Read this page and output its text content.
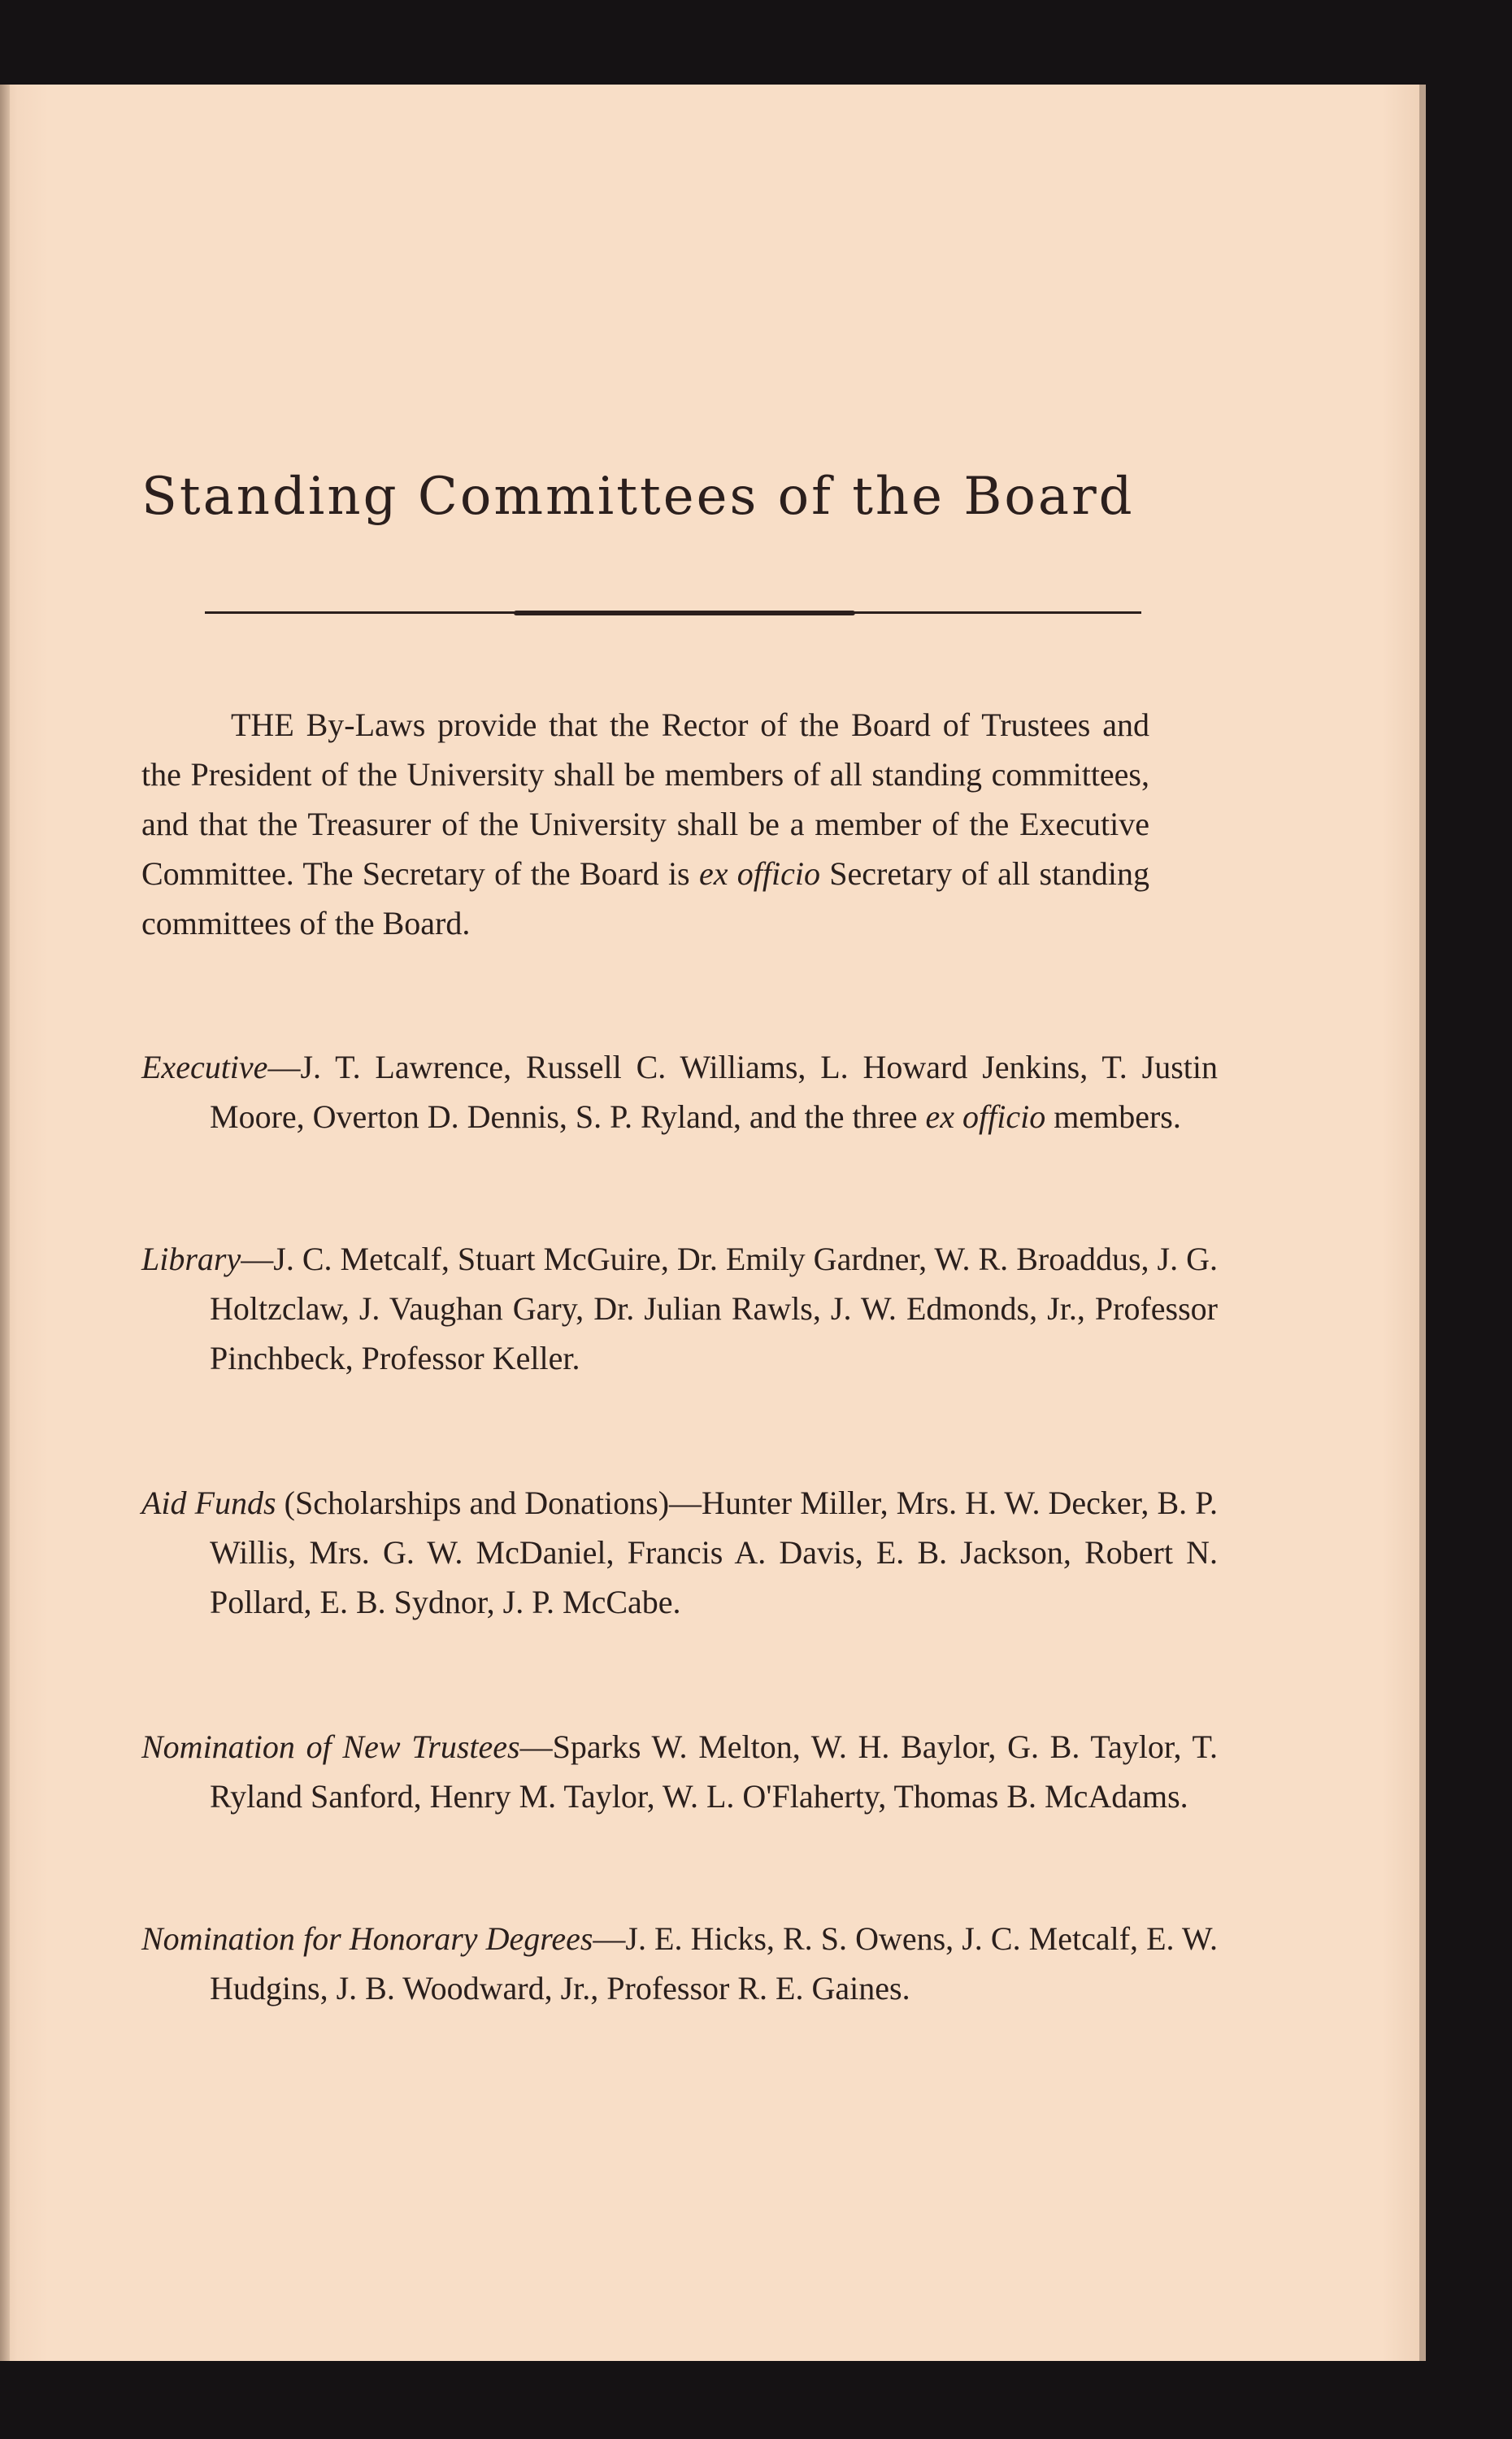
Standing Committees of the Board

THE By-Laws provide that the Rector of the Board of Trustees and the President of the University shall be members of all standing committees, and that the Treasurer of the University shall be a member of the Executive Committee. The Secretary of the Board is ex officio Secretary of all standing committees of the Board.

Executive—J. T. Lawrence, Russell C. Williams, L. Howard Jenkins, T. Justin Moore, Overton D. Dennis, S. P. Ryland, and the three ex officio members.

Library—J. C. Metcalf, Stuart McGuire, Dr. Emily Gardner, W. R. Broaddus, J. G. Holtzclaw, J. Vaughan Gary, Dr. Julian Rawls, J. W. Edmonds, Jr., Professor Pinchbeck, Professor Keller.

Aid Funds (Scholarships and Donations)—Hunter Miller, Mrs. H. W. Decker, B. P. Willis, Mrs. G. W. McDaniel, Francis A. Davis, E. B. Jackson, Robert N. Pollard, E. B. Sydnor, J. P. McCabe.

Nomination of New Trustees—Sparks W. Melton, W. H. Baylor, G. B. Taylor, T. Ryland Sanford, Henry M. Taylor, W. L. O'Flaherty, Thomas B. McAdams.

Nomination for Honorary Degrees—J. E. Hicks, R. S. Owens, J. C. Metcalf, E. W. Hudgins, J. B. Woodward, Jr., Professor R. E. Gaines.
